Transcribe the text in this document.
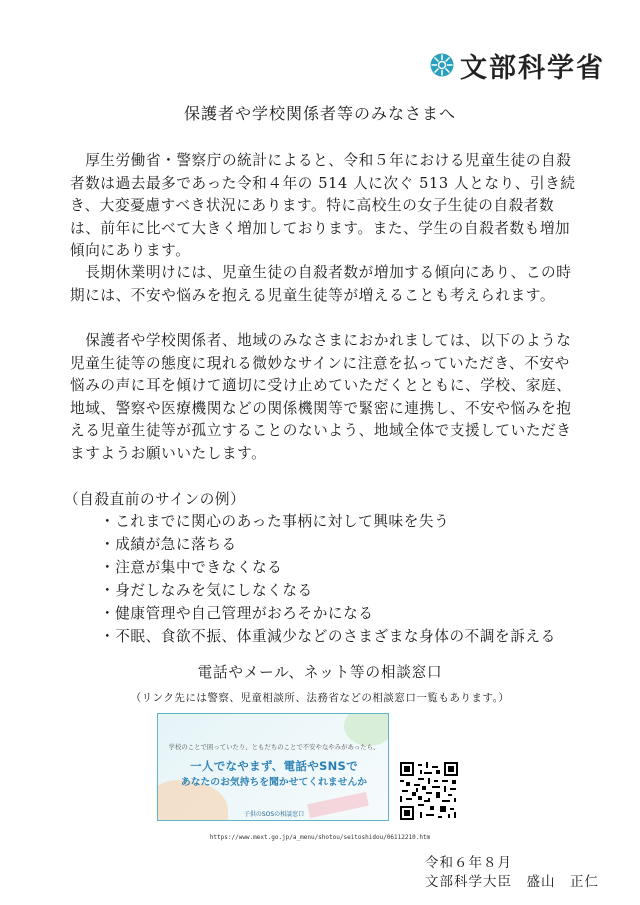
文部科学省
保護者や学校関係者等のみなさまへ
　厚生労働省・警察庁の統計によると、令和５年における児童生徒の自殺者数は過去最多であった令和４年の 514 人に次ぐ 513 人となり、引き続き、大変憂慮すべき状況にあります。特に高校生の女子生徒の自殺者数は、前年に比べて大きく増加しております。また、学生の自殺者数も増加傾向にあります。
　長期休業明けには、児童生徒の自殺者数が増加する傾向にあり、この時期には、不安や悩みを抱える児童生徒等が増えることも考えられます。
　保護者や学校関係者、地域のみなさまにおかれましては、以下のような児童生徒等の態度に現れる微妙なサインに注意を払っていただき、不安や悩みの声に耳を傾けて適切に受け止めていただくとともに、学校、家庭、地域、警察や医療機関などの関係機関等で緊密に連携し、不安や悩みを抱える児童生徒等が孤立することのないよう、地域全体で支援していただきますようお願いいたします。
（自殺直前のサインの例）
・ これまでに関心のあった事柄に対して興味を失う
・ 成績が急に落ちる
・ 注意が集中できなくなる
・ 身だしなみを気にしなくなる
・ 健康管理や自己管理がおろそかになる
・ 不眠、食欲不振、体重減少などのさまざまな身体の不調を訴える
電話やメール、ネット等の相談窓口
（リンク先には警察、児童相談所、法務省などの相談窓口一覧もあります。）
学校のことで困っていたり、ともだちのことで不安やなやみがあったら、
一人でなやまず、電話やSNSで
あなたのお気持ちを聞かせてくれませんか
子供のSOSの相談窓口
https://www.mext.go.jp/a_menu/shotou/seitoshidou/06112210.htm
令和６年８月
文部科学大臣　盛山　正仁
